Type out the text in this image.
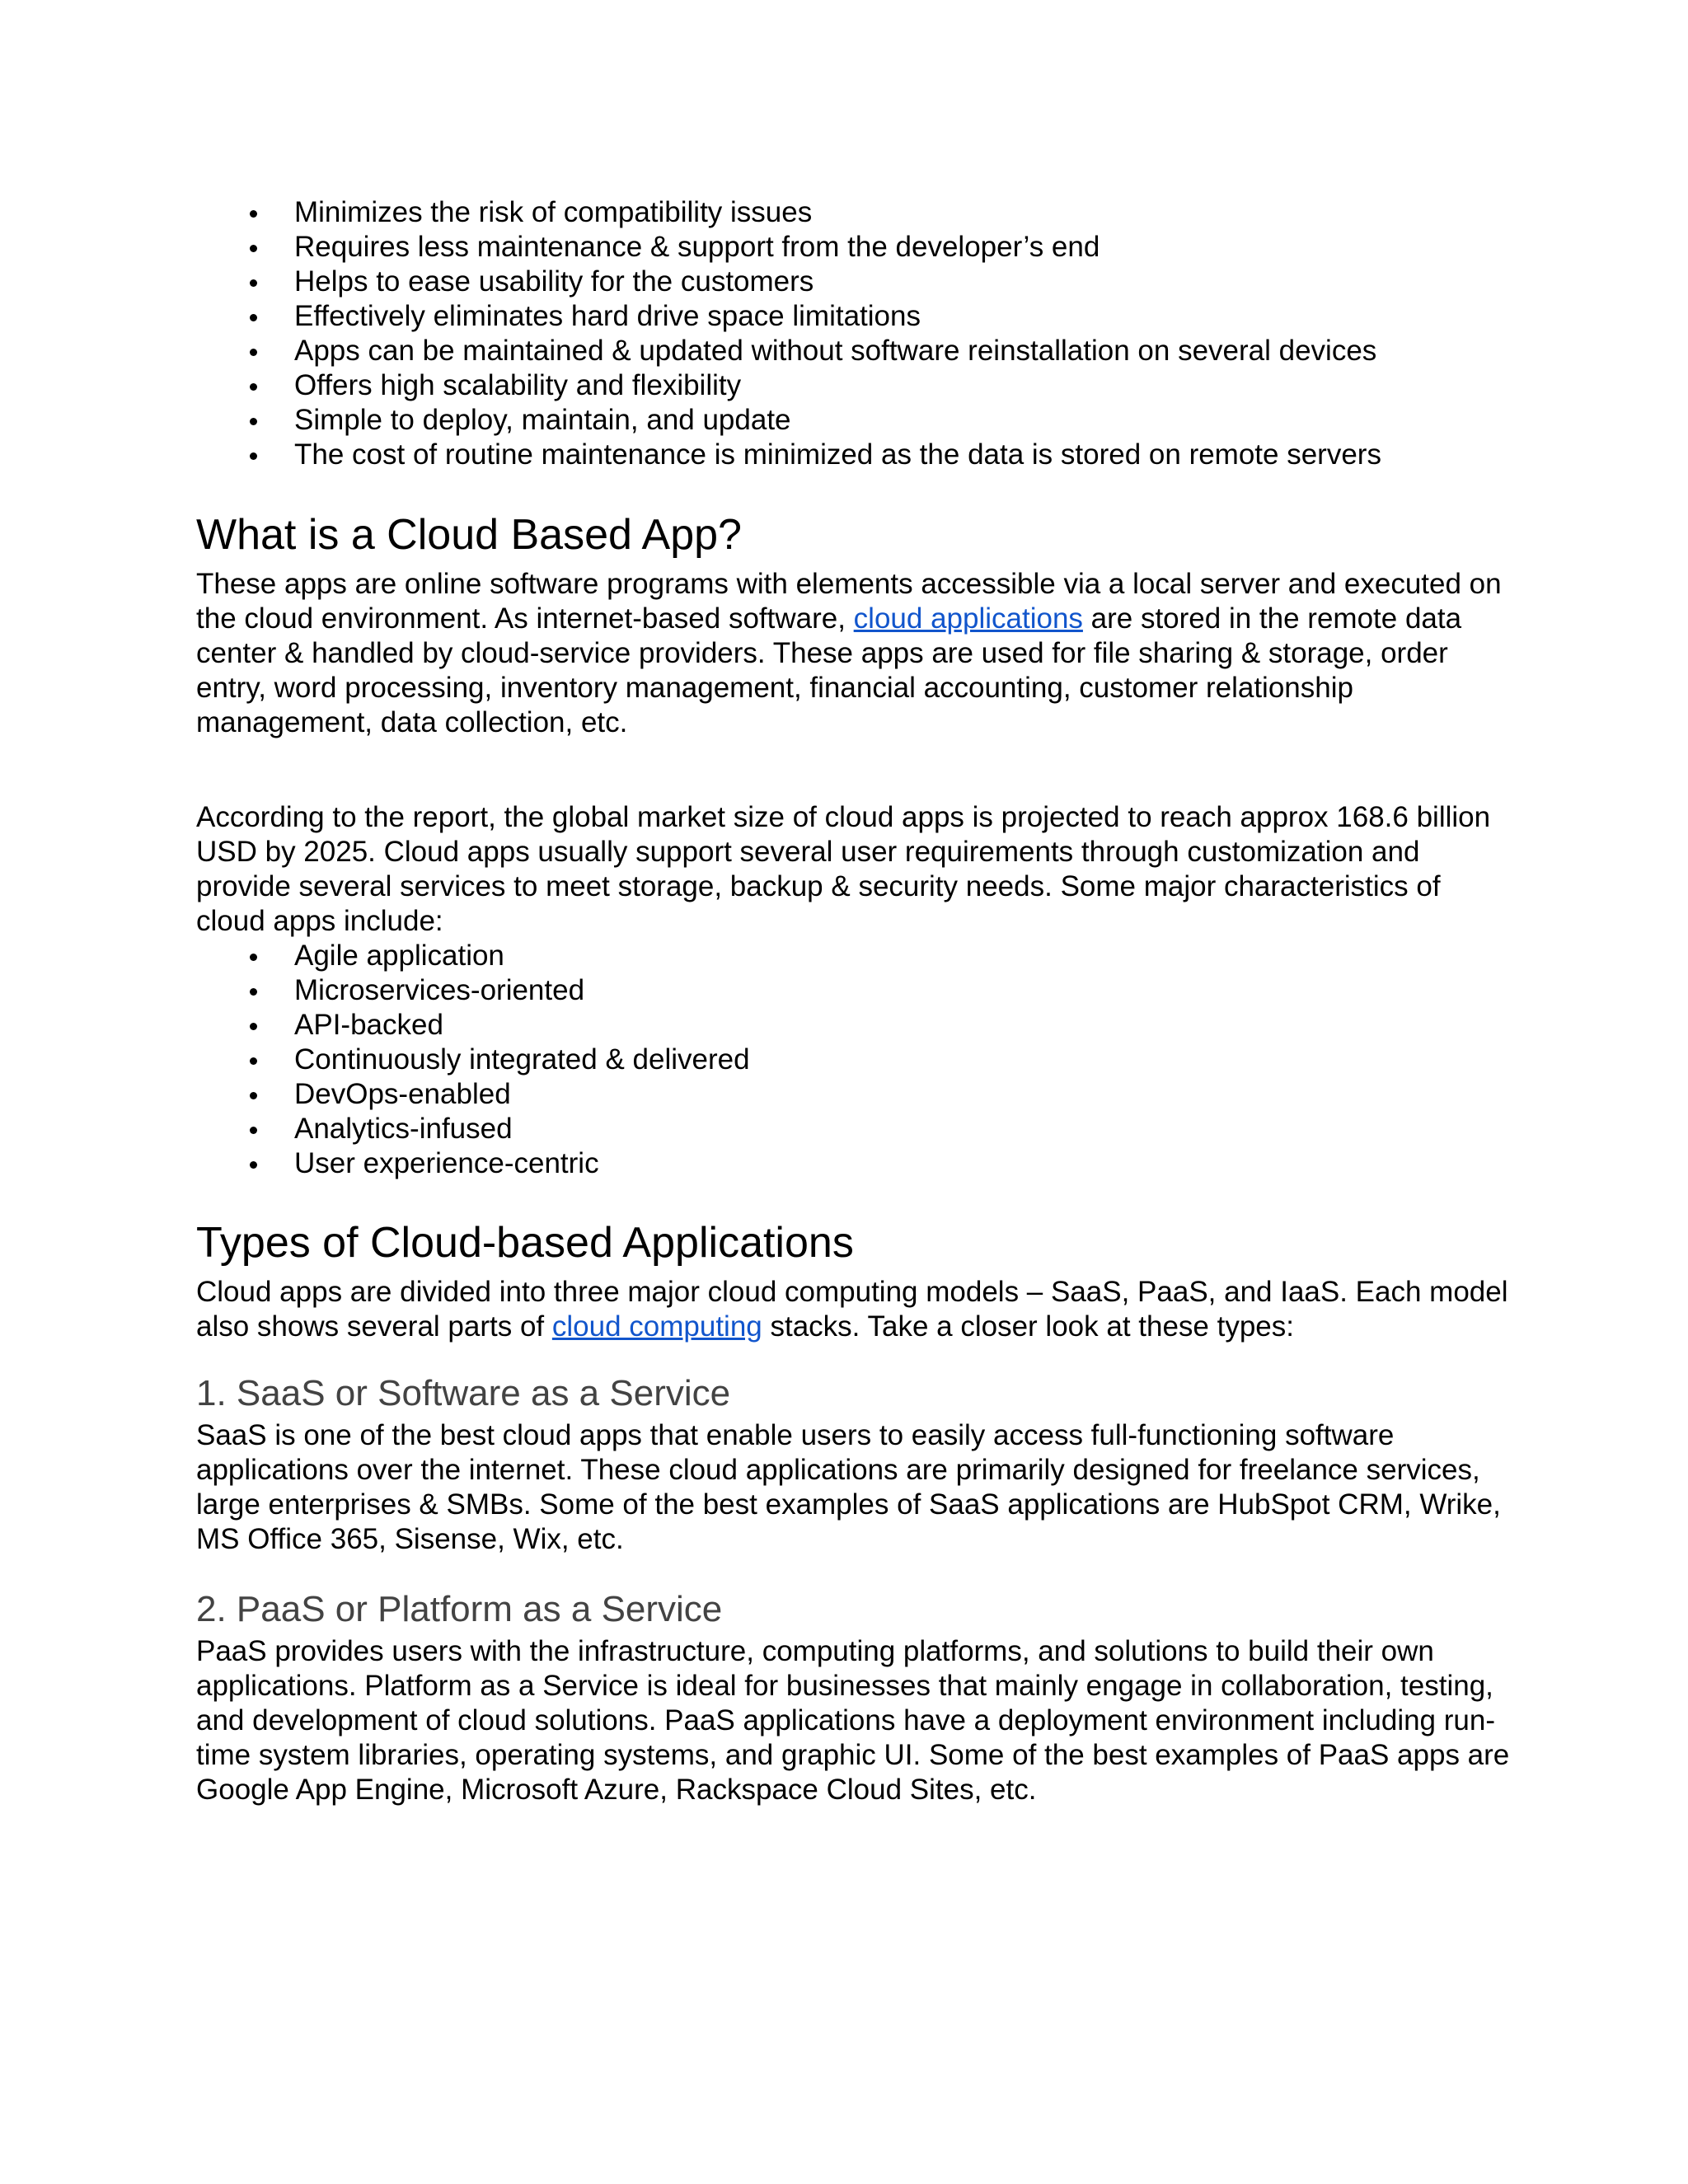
Minimizes the risk of compatibility issues
Requires less maintenance & support from the developer’s end
Helps to ease usability for the customers
Effectively eliminates hard drive space limitations
Apps can be maintained & updated without software reinstallation on several devices
Offers high scalability and flexibility
Simple to deploy, maintain, and update
The cost of routine maintenance is minimized as the data is stored on remote servers
What is a Cloud Based App?

These apps are online software programs with elements accessible via a local server and executed on the cloud environment. As internet-based software, cloud applications are stored in the remote data center & handled by cloud-service providers. These apps are used for file sharing & storage, order entry, word processing, inventory management, financial accounting, customer relationship management, data collection, etc.

According to the report, the global market size of cloud apps is projected to reach approx 168.6 billion USD by 2025. Cloud apps usually support several user requirements through customization and provide several services to meet storage, backup & security needs. Some major characteristics of cloud apps include:

Agile application
Microservices-oriented
API-backed
Continuously integrated & delivered
DevOps-enabled
Analytics-infused
User experience-centric
Types of Cloud-based Applications

Cloud apps are divided into three major cloud computing models – SaaS, PaaS, and IaaS. Each model also shows several parts of cloud computing stacks. Take a closer look at these types:

1. SaaS or Software as a Service

SaaS is one of the best cloud apps that enable users to easily access full-functioning software applications over the internet. These cloud applications are primarily designed for freelance services, large enterprises & SMBs. Some of the best examples of SaaS applications are HubSpot CRM, Wrike, MS Office 365, Sisense, Wix, etc.

2. PaaS or Platform as a Service

PaaS provides users with the infrastructure, computing platforms, and solutions to build their own applications. Platform as a Service is ideal for businesses that mainly engage in collaboration, testing, and development of cloud solutions. PaaS applications have a deployment environment including run-time system libraries, operating systems, and graphic UI. Some of the best examples of PaaS apps are Google App Engine, Microsoft Azure, Rackspace Cloud Sites, etc.
